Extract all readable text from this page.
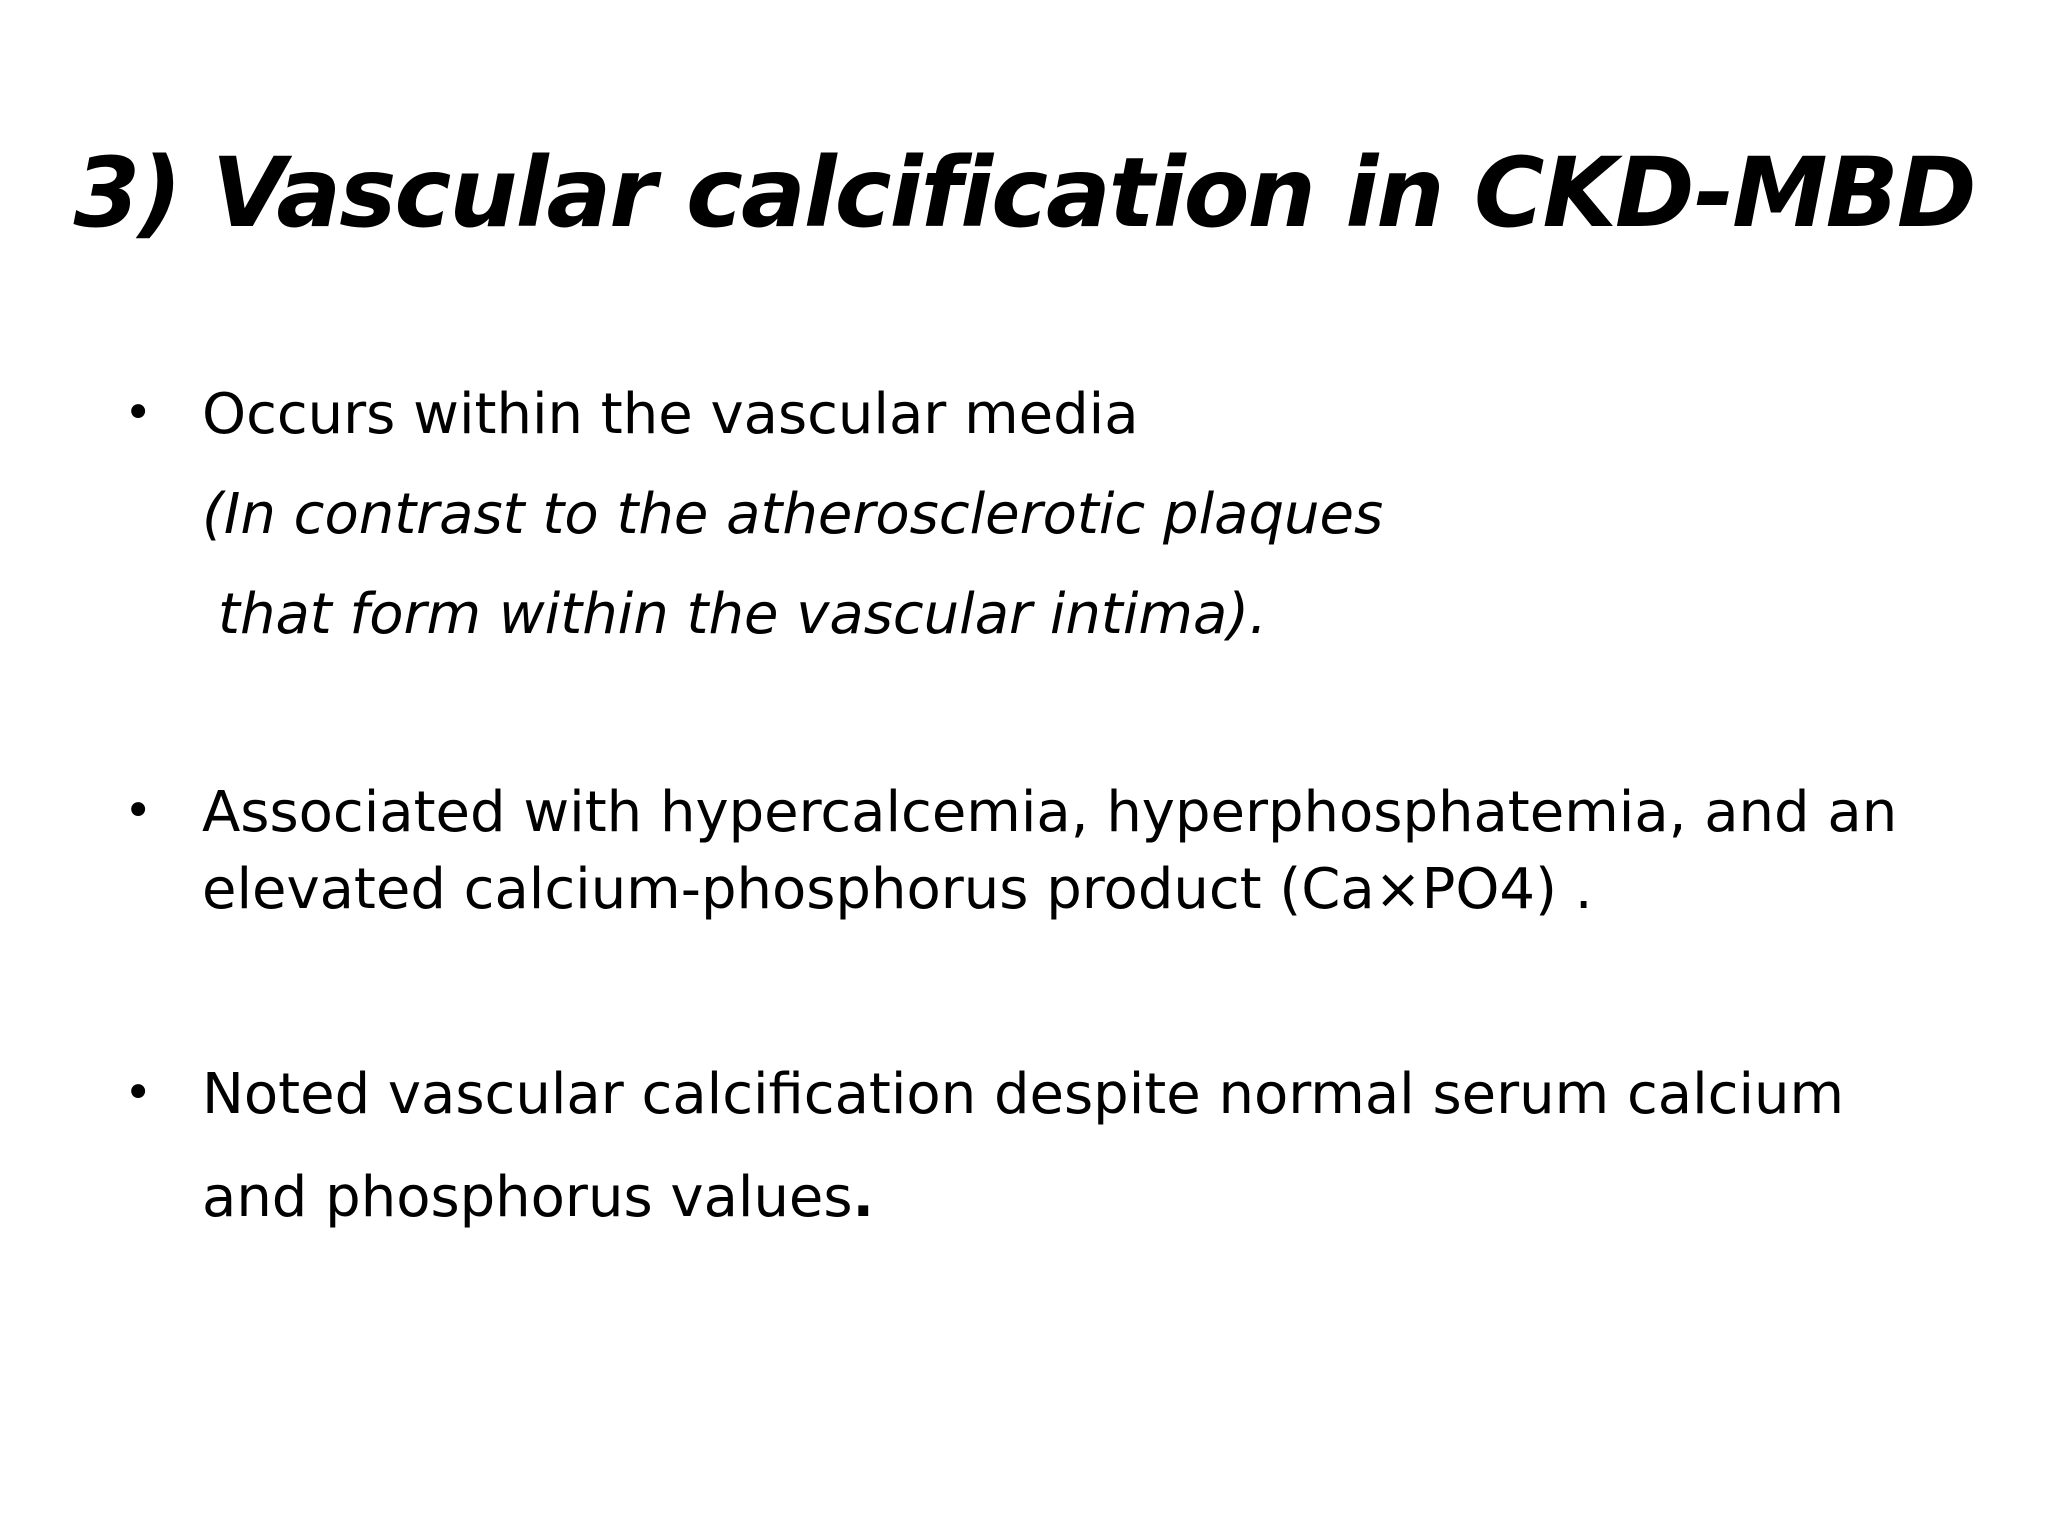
3) Vascular calcification in CKD-MBD
• Occurs within the vascular media
(In contrast to the atherosclerotic plaques
that form within the vascular intima).
• Associated with hypercalcemia, hyperphosphatemia, and an
elevated calcium-phosphorus product (Ca×PO4) .
• Noted vascular calcification despite normal serum calcium
and phosphorus values.
